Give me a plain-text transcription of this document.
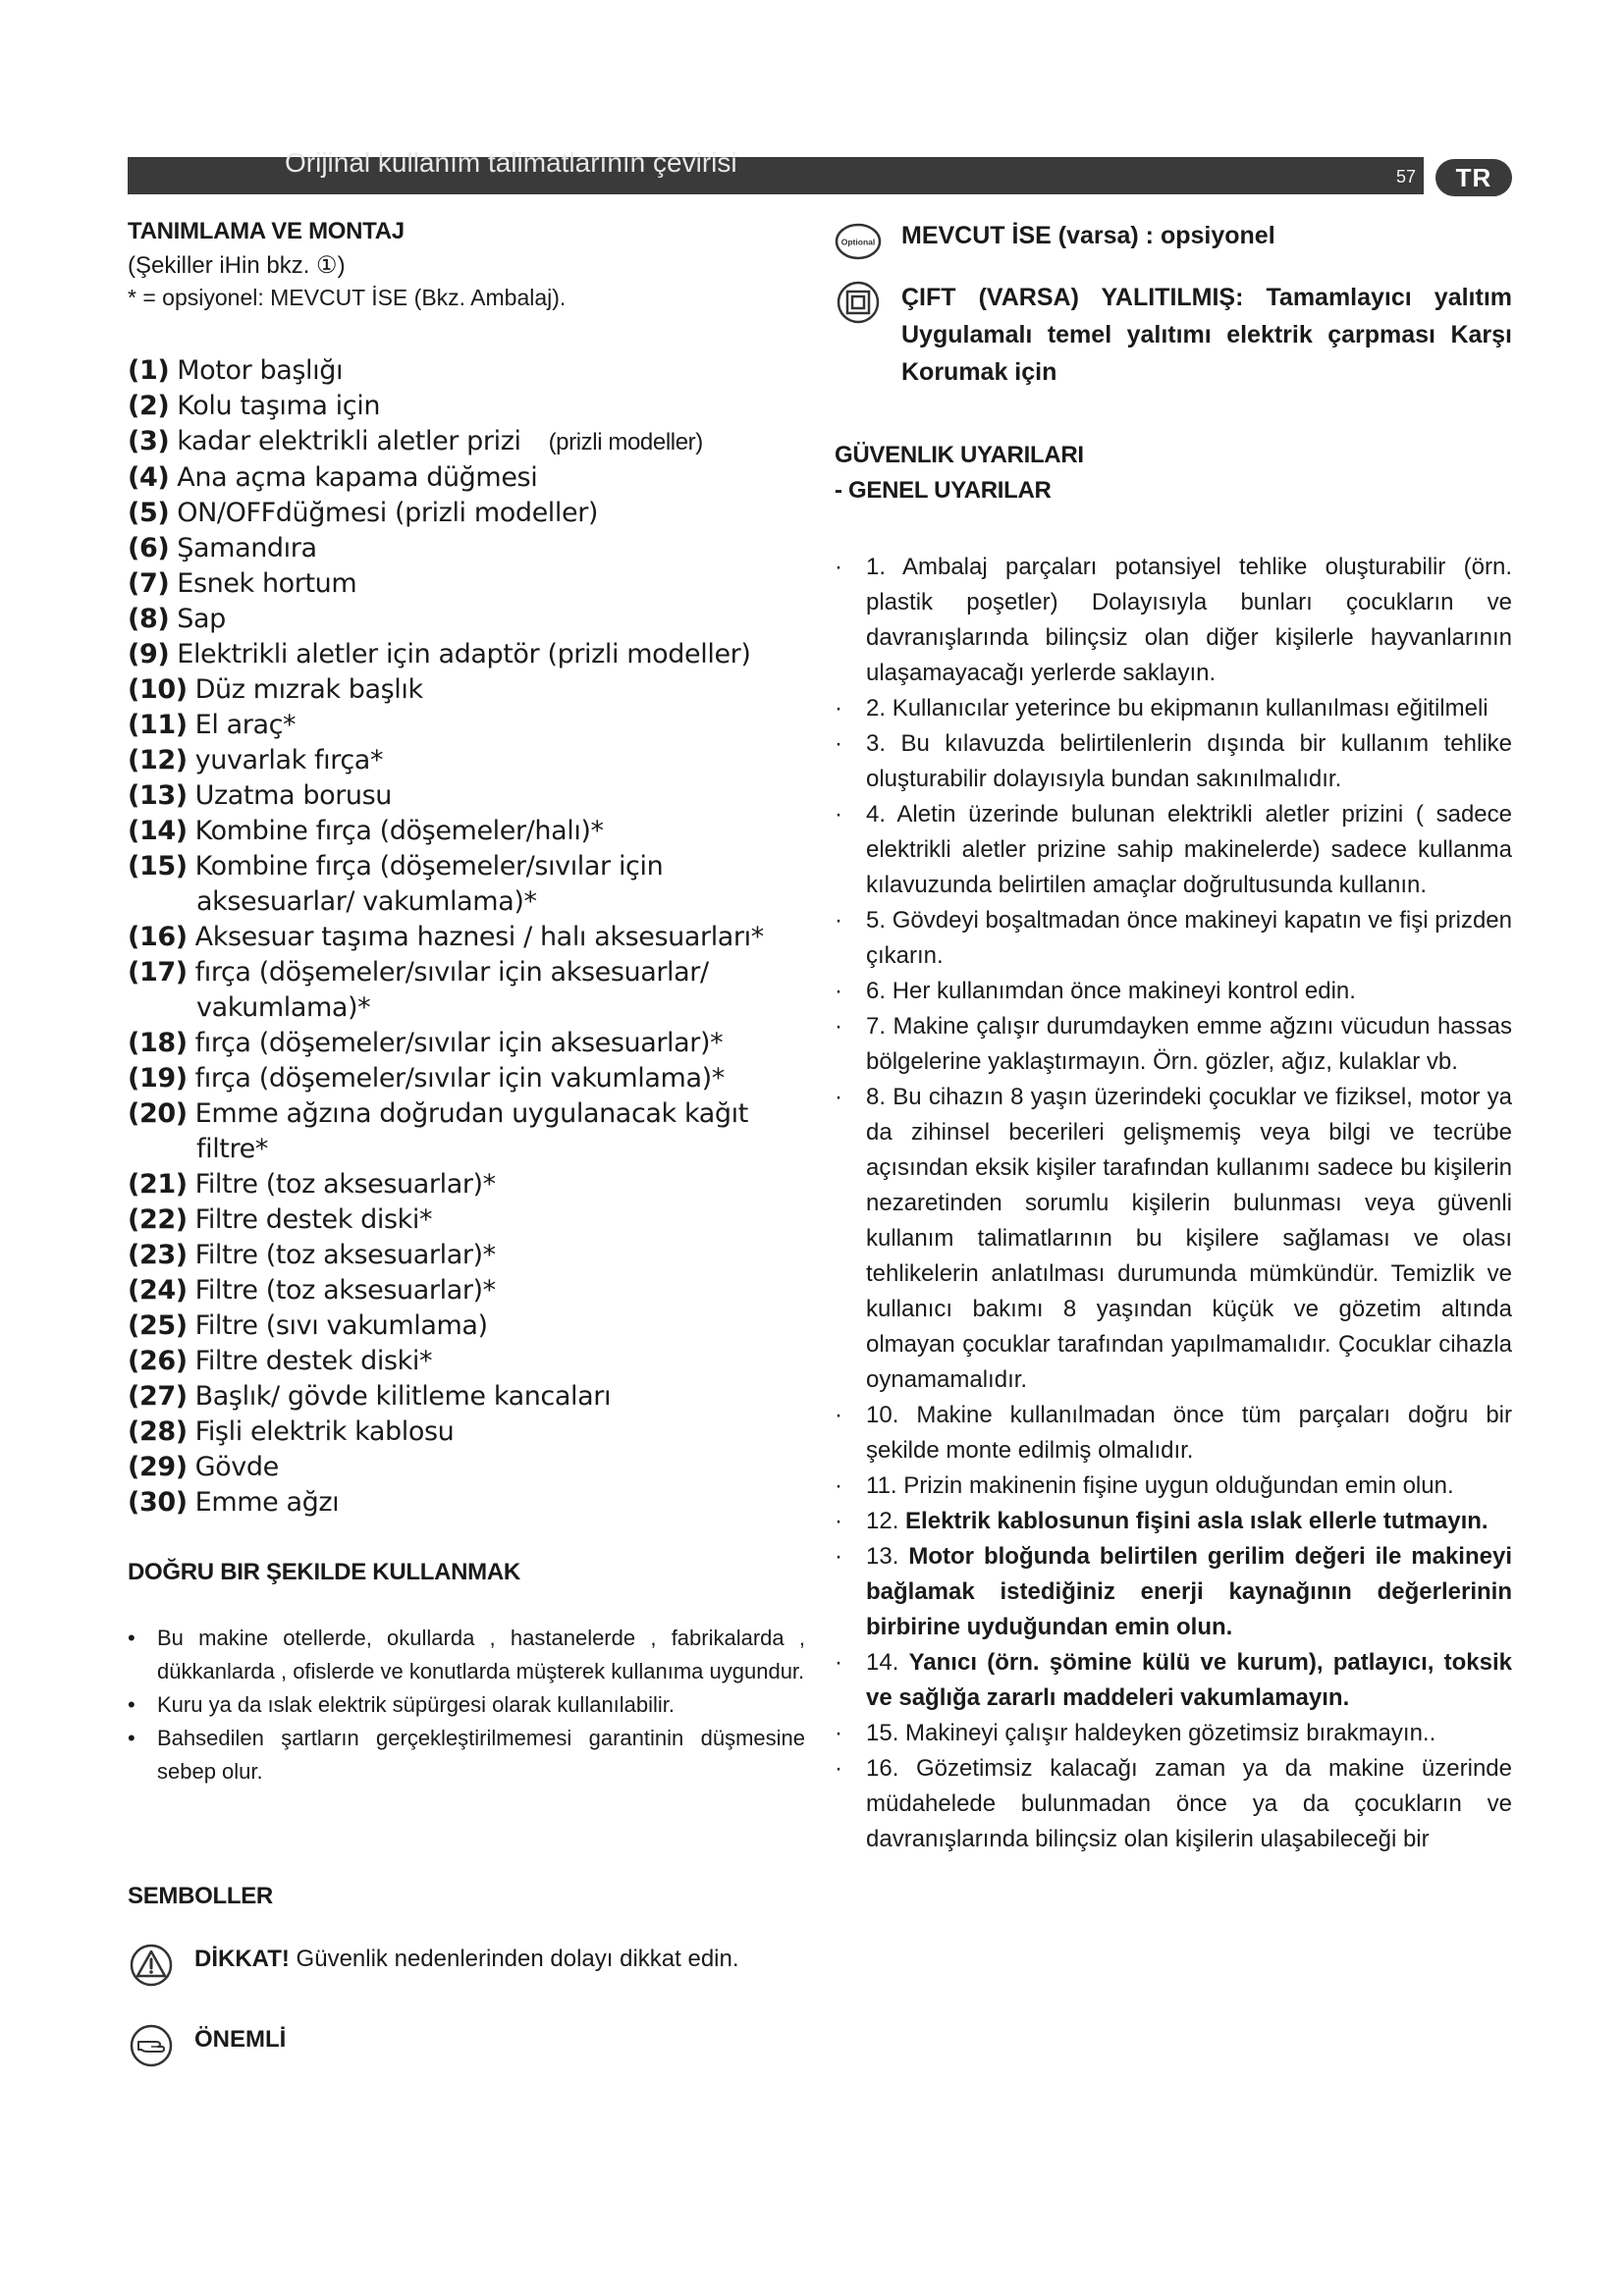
Orijinal kullanım talimatlarının çevirisi	57	TR
TANIMLAMA VE MONTAJ
(Şekiller iHin bkz. ①)
* = opsiyonel: MEVCUT İSE (Bkz. Ambalaj).
(1) Motor başlığı
(2) Kolu taşıma için
(3) kadar elektrikli aletler prizi (prizli modeller)
(4) Ana açma kapama düğmesi
(5) ON/OFFdüğmesi (prizli modeller)
(6) Şamandıra
(7) Esnek hortum
(8) Sap
(9) Elektrikli aletler için adaptör (prizli modeller)
(10) Düz mızrak başlık
(11) El araç*
(12) yuvarlak fırça*
(13) Uzatma borusu
(14) Kombine fırça (döşemeler/halı)*
(15) Kombine fırça (döşemeler/sıvılar için aksesuarlar/ vakumlama)*
(16) Aksesuar taşıma haznesi / halı aksesuarları*
(17) fırça (döşemeler/sıvılar için aksesuarlar/ vakumlama)*
(18) fırça (döşemeler/sıvılar için aksesuarlar)*
(19) fırça (döşemeler/sıvılar için vakumlama)*
(20) Emme ağzına doğrudan uygulanacak kağıt filtre*
(21) Filtre (toz aksesuarlar)*
(22) Filtre destek diski*
(23) Filtre (toz aksesuarlar)*
(24) Filtre (toz aksesuarlar)*
(25) Filtre (sıvı vakumlama)
(26) Filtre destek diski*
(27) Başlık/ gövde kilitleme kancaları
(28) Fişli elektrik kablosu
(29) Gövde
(30) Emme ağzı
DOĞRU BIR ŞEKILDE KULLANMAK
• Bu makine otellerde, okullarda , hastanelerde , fabrikalarda , dükkanlarda , ofislerde ve konutlarda müşterek kullanıma uygundur.
• Kuru ya da ıslak elektrik süpürgesi olarak kullanılabilir.
• Bahsedilen şartların gerçekleştirilmemesi garantinin düşmesine sebep olur.
SEMBOLLER
DİKKAT! Güvenlik nedenlerinden dolayı dikkat edin.
ÖNEMLİ
Optional MEVCUT İSE (varsa) : opsiyonel
ÇIFT (VARSA) YALITILMIŞ: Tamamlayıcı yalıtım Uygulamalı temel yalıtımı elektrik çarpması Karşı Korumak için
GÜVENLIK UYARILARI
- GENEL UYARILAR
· 1. Ambalaj parçaları potansiyel tehlike oluşturabilir (örn. plastik poşetler) Dolayısıyla bunları çocukların ve davranışlarında bilinçsiz olan diğer kişilerle hayvanlarının ulaşamayacağı yerlerde saklayın.
· 2. Kullanıcılar yeterince bu ekipmanın kullanılması eğitilmeli
· 3. Bu kılavuzda belirtilenlerin dışında bir kullanım tehlike oluşturabilir dolayısıyla bundan sakınılmalıdır.
· 4. Aletin üzerinde bulunan elektrikli aletler prizini ( sadece elektrikli aletler prizine sahip makinelerde) sadece kullanma kılavuzunda belirtilen amaçlar doğrultusunda kullanın.
· 5. Gövdeyi boşaltmadan önce makineyi kapatın ve fişi prizden çıkarın.
· 6. Her kullanımdan önce makineyi kontrol edin.
· 7. Makine çalışır durumdayken emme ağzını vücudun hassas bölgelerine yaklaştırmayın. Örn. gözler, ağız, kulaklar vb.
· 8. Bu cihazın 8 yaşın üzerindeki çocuklar ve fiziksel, motor ya da zihinsel becerileri gelişmemiş veya bilgi ve tecrübe açısından eksik kişiler tarafından kullanımı sadece bu kişilerin nezaretinden sorumlu kişilerin bulunması veya güvenli kullanım talimatlarının bu kişilere sağlaması ve olası tehlikelerin anlatılması durumunda mümkündür. Temizlik ve kullanıcı bakımı 8 yaşından küçük ve gözetim altında olmayan çocuklar tarafından yapılmamalıdır. Çocuklar cihazla oynamamalıdır.
· 10. Makine kullanılmadan önce tüm parçaları doğru bir şekilde monte edilmiş olmalıdır.
· 11. Prizin makinenin fişine uygun olduğundan emin olun.
· 12. Elektrik kablosunun fişini asla ıslak ellerle tutmayın.
· 13. Motor bloğunda belirtilen gerilim değeri ile makineyi bağlamak istediğiniz enerji kaynağının değerlerinin birbirine uyduğundan emin olun.
· 14. Yanıcı (örn. şömine külü ve kurum), patlayıcı, toksik ve sağlığa zararlı maddeleri vakumlamayın.
· 15. Makineyi çalışır haldeyken gözetimsiz bırakmayın..
· 16. Gözetimsiz kalacağı zaman ya da makine üzerinde müdahelede bulunmadan önce ya da çocukların ve davranışlarında bilinçsiz olan kişilerin ulaşabileceği bir
